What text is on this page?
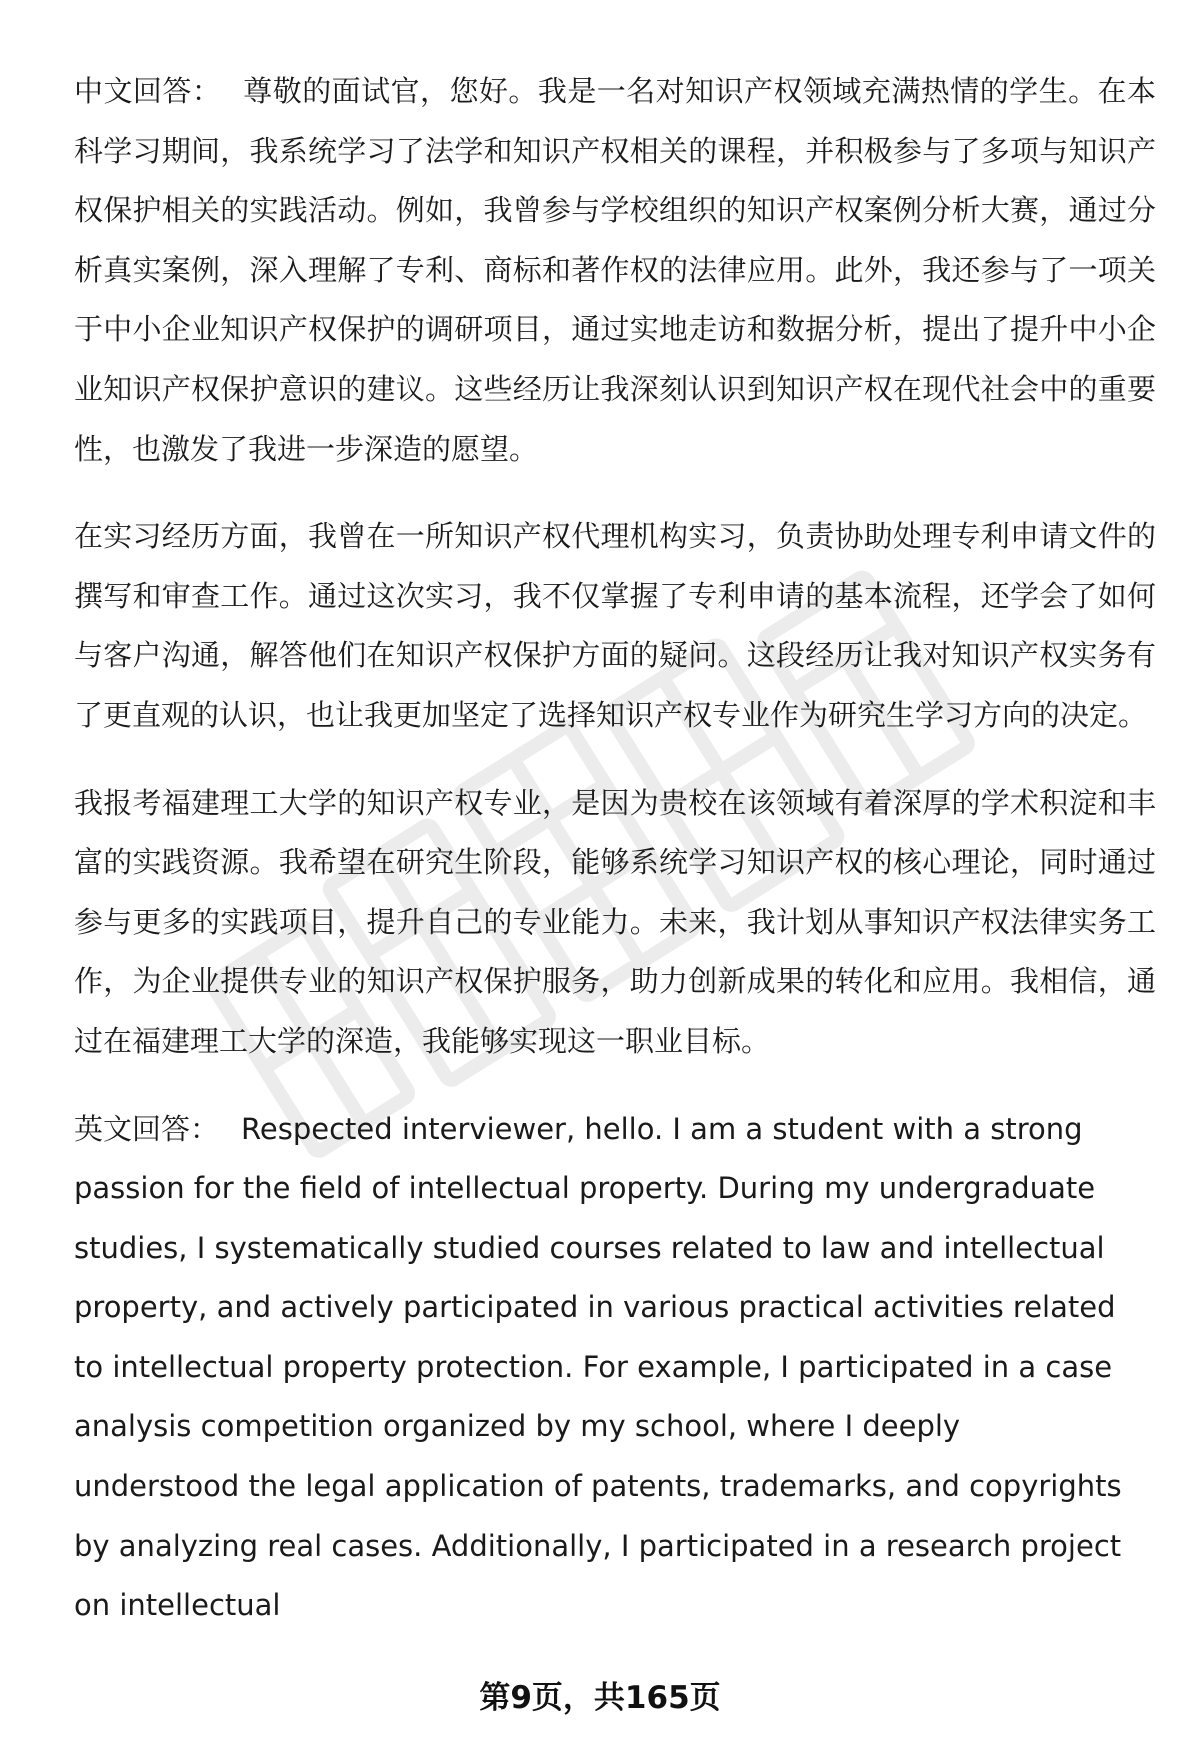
中文回答： 尊敬的面试官，您好。我是一名对知识产权领域充满热情的学生。在本科学习期间，我系统学习了法学和知识产权相关的课程，并积极参与了多项与知识产权保护相关的实践活动。例如，我曾参与学校组织的知识产权案例分析大赛，通过分析真实案例，深入理解了专利、商标和著作权的法律应用。此外，我还参与了一项关于中小企业知识产权保护的调研项目，通过实地走访和数据分析，提出了提升中小企业知识产权保护意识的建议。这些经历让我深刻认识到知识产权在现代社会中的重要性，也激发了我进一步深造的愿望。

在实习经历方面，我曾在一所知识产权代理机构实习，负责协助处理专利申请文件的撰写和审查工作。通过这次实习，我不仅掌握了专利申请的基本流程，还学会了如何与客户沟通，解答他们在知识产权保护方面的疑问。这段经历让我对知识产权实务有了更直观的认识，也让我更加坚定了选择知识产权专业作为研究生学习方向的决定。

我报考福建理工大学的知识产权专业，是因为贵校在该领域有着深厚的学术积淀和丰富的实践资源。我希望在研究生阶段，能够系统学习知识产权的核心理论，同时通过参与更多的实践项目，提升自己的专业能力。未来，我计划从事知识产权法律实务工作，为企业提供专业的知识产权保护服务，助力创新成果的转化和应用。我相信，通过在福建理工大学的深造，我能够实现这一职业目标。

英文回答： Respected interviewer, hello. I am a student with a strong passion for the field of intellectual property. During my undergraduate studies, I systematically studied courses related to law and intellectual property, and actively participated in various practical activities related to intellectual property protection. For example, I participated in a case analysis competition organized by my school, where I deeply understood the legal application of patents, trademarks, and copyrights by analyzing real cases. Additionally, I participated in a research project on intellectual

第9页，共165页
